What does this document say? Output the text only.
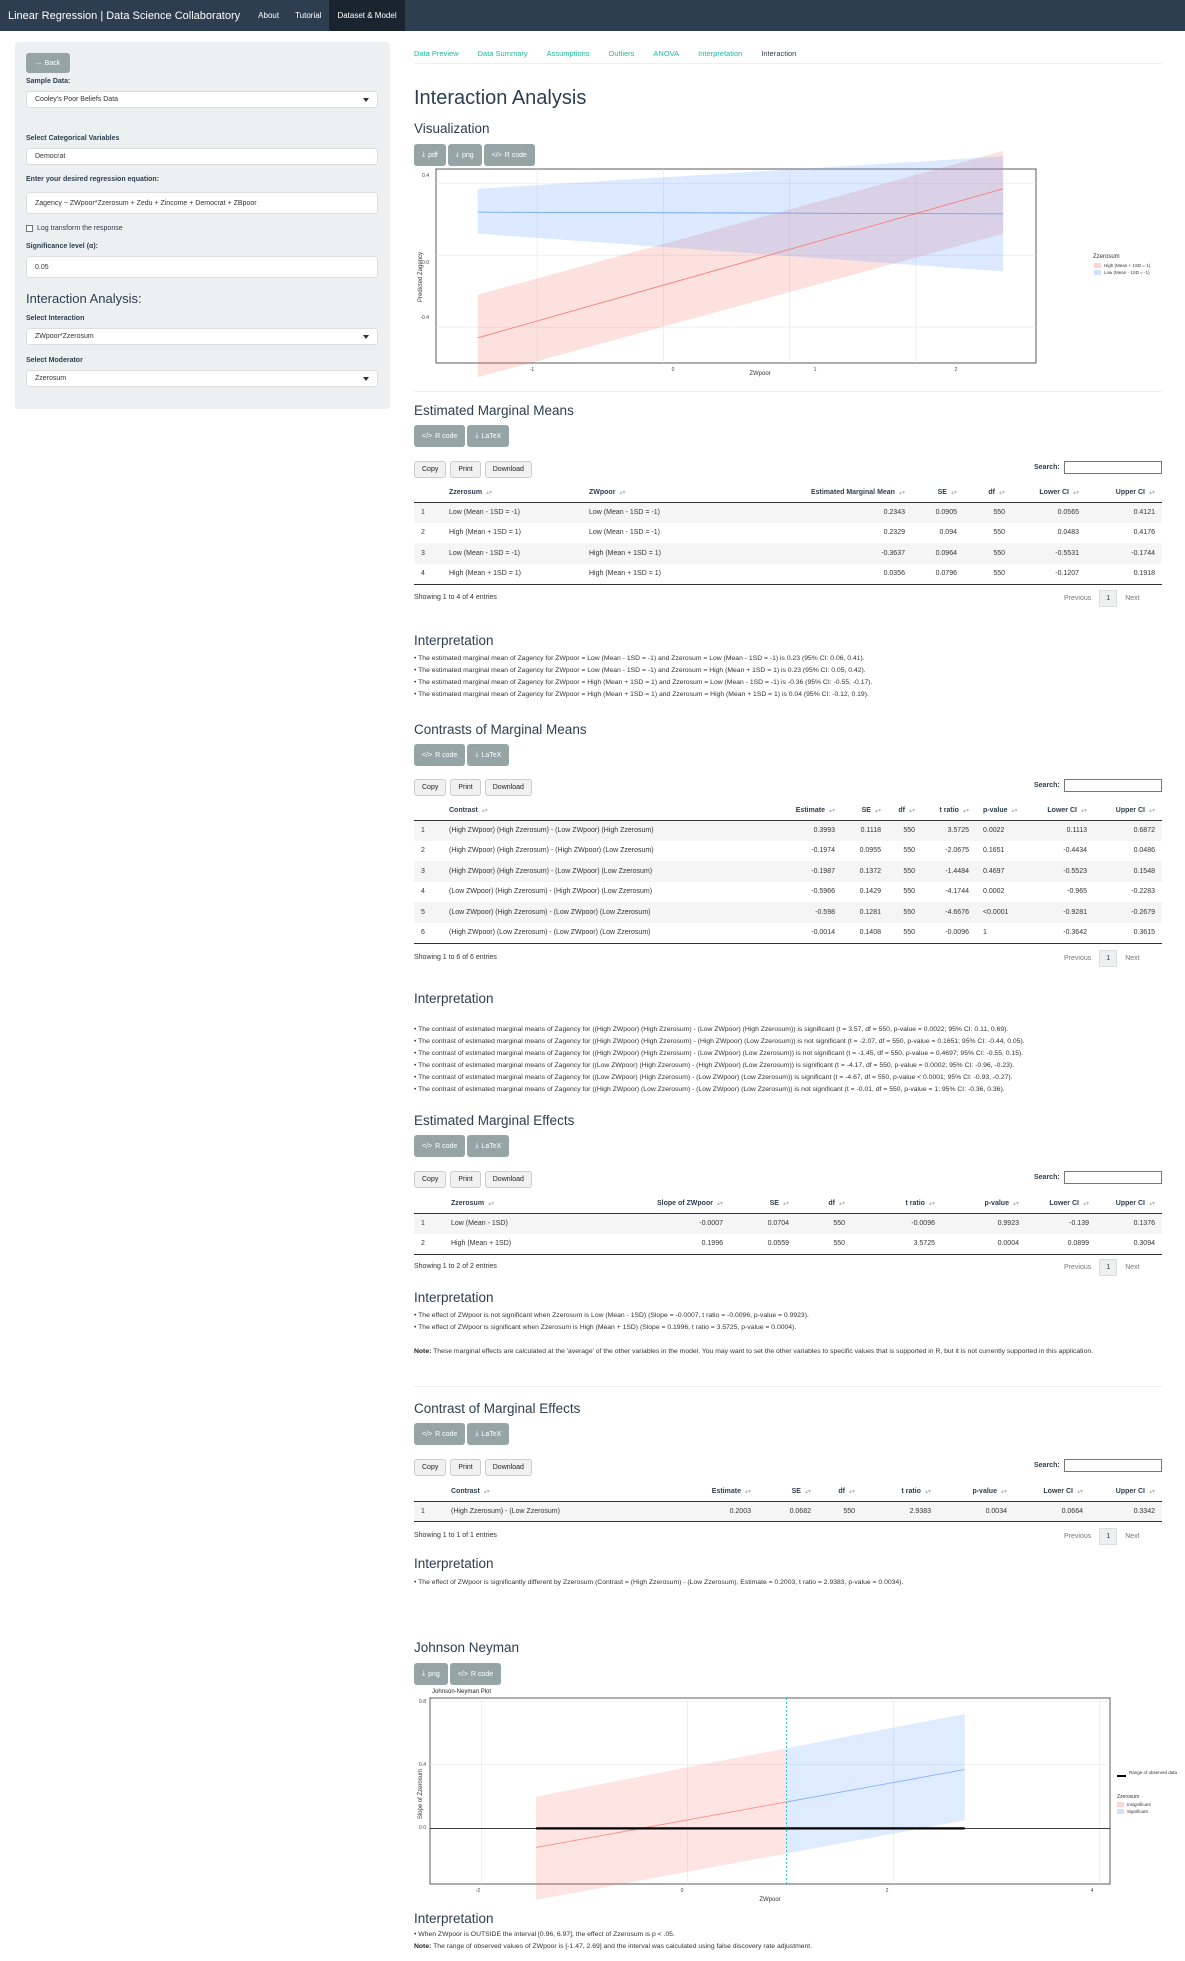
Linear Regression | Data Science Collaboratory	About	Tutorial	Dataset & Model
← Back
Sample Data:
Cooley's Poor Beliefs Data
Select Categorical Variables
Democrat
Enter your desired regression equation:
Zagency ~ ZWpoor*Zzerosum + Zedu + Zincome + Democrat + ZBpoor
Log transform the response
Significance level (α):
0.05
Interaction Analysis:
Select Interaction
ZWpoor*Zzerosum
Select Moderator
Zzerosum
Data Preview	Data Summary	Assumptions	Outliers	ANOVA	Interpretation	Interaction
Interaction Analysis
Visualization
⤓ pdf	⤓ png	</> R code
Predicted Zagency
0.4
0.0
-0.4
-1	0	1	2
ZWpoor
Zzerosum
High (Mean + 1SD = 1)
Low (Mean - 1SD = -1)
Estimated Marginal Means
</> R code	⤓ LaTeX
Copy	Print	Download	Search:
	Zzerosum ▴▾	ZWpoor ▴▾	Estimated Marginal Mean ▴▾	SE ▴▾	df ▴▾	Lower CI ▴▾	Upper CI ▴▾
1	Low (Mean - 1SD = -1)	Low (Mean - 1SD = -1)	0.2343	0.0905	550	0.0565	0.4121
2	High (Mean + 1SD = 1)	Low (Mean - 1SD = -1)	0.2329	0.094	550	0.0483	0.4176
3	Low (Mean - 1SD = -1)	High (Mean + 1SD = 1)	-0.3637	0.0964	550	-0.5531	-0.1744
4	High (Mean + 1SD = 1)	High (Mean + 1SD = 1)	0.0356	0.0796	550	-0.1207	0.1918
Showing 1 to 4 of 4 entries	Previous	1	Next
Interpretation
• The estimated marginal mean of Zagency for ZWpoor = Low (Mean - 1SD = -1) and Zzerosum = Low (Mean - 1SD = -1) is 0.23 (95% CI: 0.06, 0.41).
• The estimated marginal mean of Zagency for ZWpoor = Low (Mean - 1SD = -1) and Zzerosum = High (Mean + 1SD = 1) is 0.23 (95% CI: 0.05, 0.42).
• The estimated marginal mean of Zagency for ZWpoor = High (Mean + 1SD = 1) and Zzerosum = Low (Mean - 1SD = -1) is -0.36 (95% CI: -0.55, -0.17).
• The estimated marginal mean of Zagency for ZWpoor = High (Mean + 1SD = 1) and Zzerosum = High (Mean + 1SD = 1) is 0.04 (95% CI: -0.12, 0.19).
Contrasts of Marginal Means
</> R code	⤓ LaTeX
Copy	Print	Download	Search:
	Contrast ▴▾	Estimate ▴▾	SE ▴▾	df ▴▾	t ratio ▴▾	p-value ▴▾	Lower CI ▴▾	Upper CI ▴▾
1	(High ZWpoor) (High Zzerosum) - (Low ZWpoor) (High Zzerosum)	0.3993	0.1118	550	3.5725	0.0022	0.1113	0.6872
2	(High ZWpoor) (High Zzerosum) - (High ZWpoor) (Low Zzerosum)	-0.1974	0.0955	550	-2.0675	0.1651	-0.4434	0.0486
3	(High ZWpoor) (High Zzerosum) - (Low ZWpoor) (Low Zzerosum)	-0.1987	0.1372	550	-1.4484	0.4697	-0.5523	0.1548
4	(Low ZWpoor) (High Zzerosum) - (High ZWpoor) (Low Zzerosum)	-0.5966	0.1429	550	-4.1744	0.0002	-0.965	-0.2283
5	(Low ZWpoor) (High Zzerosum) - (Low ZWpoor) (Low Zzerosum)	-0.598	0.1281	550	-4.6676	<0.0001	-0.9281	-0.2679
6	(High ZWpoor) (Low Zzerosum) - (Low ZWpoor) (Low Zzerosum)	-0.0014	0.1408	550	-0.0096	1	-0.3642	0.3615
Showing 1 to 6 of 6 entries	Previous	1	Next
Interpretation
• The contrast of estimated marginal means of Zagency for ((High ZWpoor) (High Zzerosum) - (Low ZWpoor) (High Zzerosum)) is significant (t = 3.57, df = 550, p-value = 0.0022; 95% CI: 0.11, 0.69).
• The contrast of estimated marginal means of Zagency for ((High ZWpoor) (High Zzerosum) - (High ZWpoor) (Low Zzerosum)) is not significant (t = -2.07, df = 550, p-value = 0.1651; 95% CI: -0.44, 0.05).
• The contrast of estimated marginal means of Zagency for ((High ZWpoor) (High Zzerosum) - (Low ZWpoor) (Low Zzerosum)) is not significant (t = -1.45, df = 550, p-value = 0.4697; 95% CI: -0.55, 0.15).
• The contrast of estimated marginal means of Zagency for ((Low ZWpoor) (High Zzerosum) - (High ZWpoor) (Low Zzerosum)) is significant (t = -4.17, df = 550, p-value = 0.0002; 95% CI: -0.96, -0.23).
• The contrast of estimated marginal means of Zagency for ((Low ZWpoor) (High Zzerosum) - (Low ZWpoor) (Low Zzerosum)) is significant (t = -4.67, df = 550, p-value < 0.0001; 95% CI: -0.93, -0.27).
• The contrast of estimated marginal means of Zagency for ((High ZWpoor) (Low Zzerosum) - (Low ZWpoor) (Low Zzerosum)) is not significant (t = -0.01, df = 550, p-value = 1; 95% CI: -0.36, 0.36).
Estimated Marginal Effects
</> R code	⤓ LaTeX
Copy	Print	Download	Search:
	Zzerosum ▴▾	Slope of ZWpoor ▴▾	SE ▴▾	df ▴▾	t ratio ▴▾	p-value ▴▾	Lower CI ▴▾	Upper CI ▴▾
1	Low (Mean - 1SD)	-0.0007	0.0704	550	-0.0096	0.9923	-0.139	0.1376
2	High (Mean + 1SD)	0.1996	0.0559	550	3.5725	0.0004	0.0899	0.3094
Showing 1 to 2 of 2 entries	Previous	1	Next
Interpretation
• The effect of ZWpoor is not significant when Zzerosum is Low (Mean - 1SD) (Slope = -0.0007, t ratio = -0.0096, p-value = 0.9923).
• The effect of ZWpoor is significant when Zzerosum is High (Mean + 1SD) (Slope = 0.1996, t ratio = 3.5725, p-value = 0.0004).
Note: These marginal effects are calculated at the 'average' of the other variables in the model. You may want to set the other variables to specific values that is supported in R, but it is not currently supported in this application.
Contrast of Marginal Effects
</> R code	⤓ LaTeX
Copy	Print	Download	Search:
	Contrast ▴▾	Estimate ▴▾	SE ▴▾	df ▴▾	t ratio ▴▾	p-value ▴▾	Lower CI ▴▾	Upper CI ▴▾
1	(High Zzerosum) - (Low Zzerosum)	0.2003	0.0682	550	2.9383	0.0034	0.0664	0.3342
Showing 1 to 1 of 1 entries	Previous	1	Next
Interpretation
• The effect of ZWpoor is significantly different by Zzerosum (Contrast = (High Zzerosum) - (Low Zzerosum), Estimate = 0.2003, t ratio = 2.9383, p-value = 0.0034).
Johnson Neyman
⤓ png	</> R code
Johnson-Neyman Plot
Slope of Zzerosum
0.8
0.4
0.0
-2	0	2	4
ZWpoor
Range of observed data
Zzerosum
Insignificant
Significant
Interpretation
• When ZWpoor is OUTSIDE the interval [0.96, 6.97], the effect of Zzerosum is p < .05.
Note: The range of observed values of ZWpoor is [-1.47, 2.69] and the interval was calculated using false discovery rate adjustment.
